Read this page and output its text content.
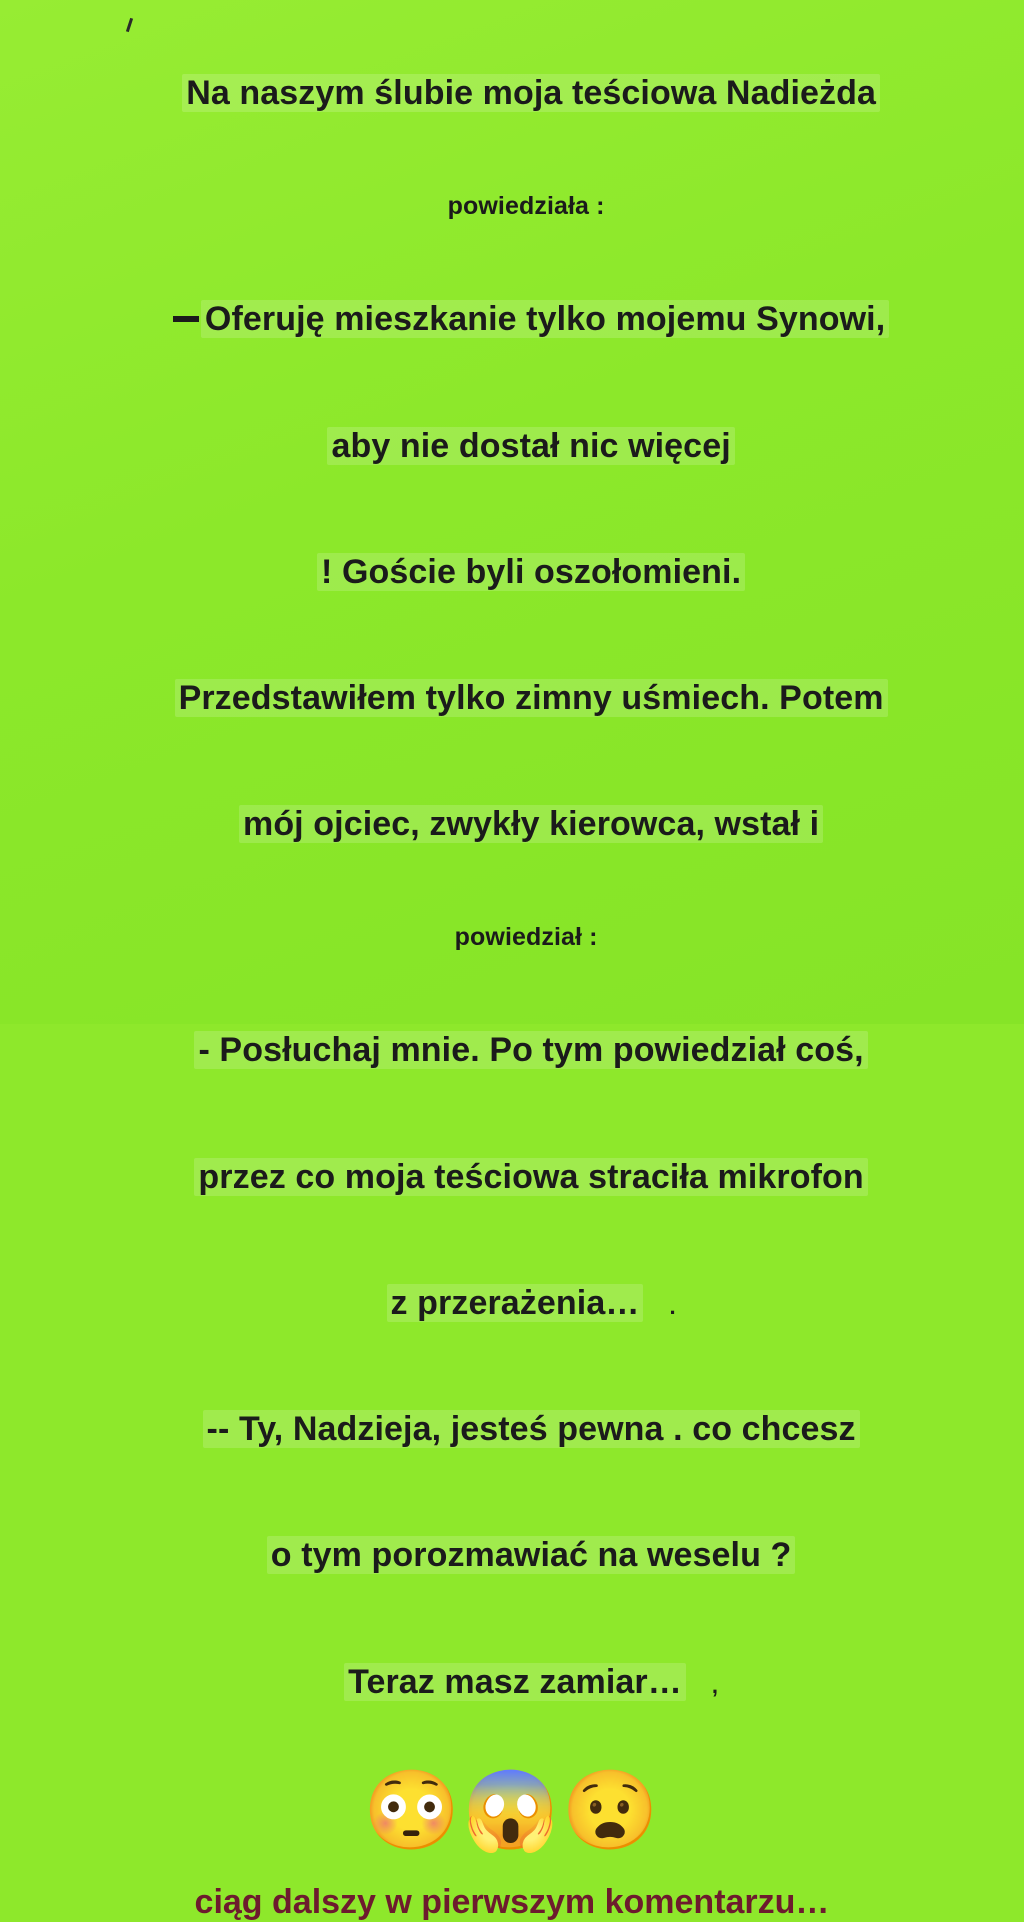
Na naszym ślubie moja teściowa Nadieżda

powiedziała :

Oferuję mieszkanie tylko mojemu Synowi,

aby nie dostał nic więcej

! Goście byli oszołomieni.

Przedstawiłem tylko zimny uśmiech. Potem

mój ojciec, zwykły kierowca, wstał i

powiedział :

- Posłuchaj mnie. Po tym powiedział coś,

przez co moja teściowa straciła mikrofon

z przerażenia… .

-- Ty, Nadzieja, jesteś pewna . co chcesz

o tym porozmawiać na weselu ?

Teraz masz zamiar… ,

😳😱😧
ciąg dalszy w pierwszym komentarzu…
